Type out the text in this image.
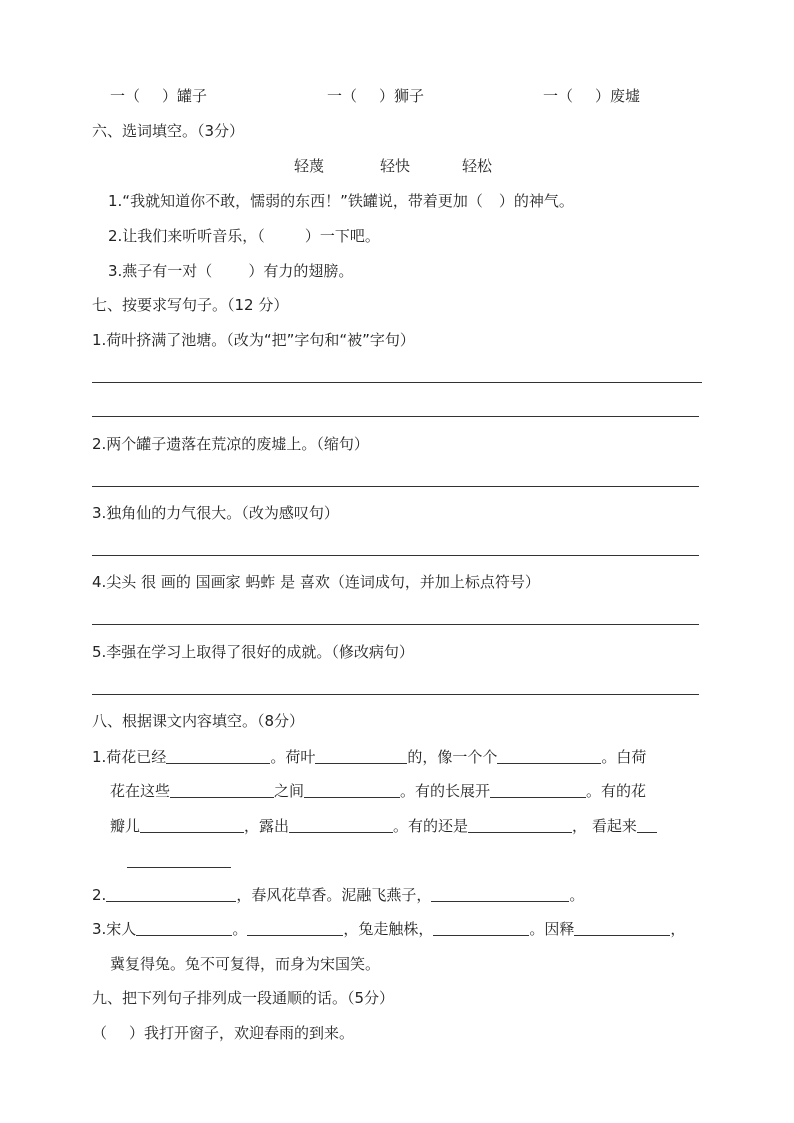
一（ ）罐子	一（ ）狮子	一（ ）废墟
六、选词填空。（3分）
轻蔑	轻快	轻松
1.“我就知道你不敢，懦弱的东西！”铁罐说，带着更加（ ）的神气。
2.让我们来听听音乐，（	）一下吧。
3.燕子有一对（ ）有力的翅膀。
七、按要求写句子。（12 分）
1.荷叶挤满了池塘。（改为“把”字句和“被”字句）
2.两个罐子遗落在荒凉的废墟上。（缩句）
3.独角仙的力气很大。（改为感叹句）
4.尖头 很 画的 国画家 蚂蚱 是 喜欢（连词成句，并加上标点符号）
5.李强在学习上取得了很好的成就。（修改病句）
八、根据课文内容填空。（8分）
1.荷花已经	。荷叶	的，像一个个	。白荷
花在这些	之间	。有的长展开	。有的花
瓣儿	，露出	。有的还是	， 看起来
2.	，春风花草香。泥融飞燕子，	。
3.宋人	。	，兔走触株，	。因释	，
冀复得兔。兔不可复得，而身为宋国笑。
九、把下列句子排列成一段通顺的话。（5分）
（ ）我打开窗子，欢迎春雨的到来。
